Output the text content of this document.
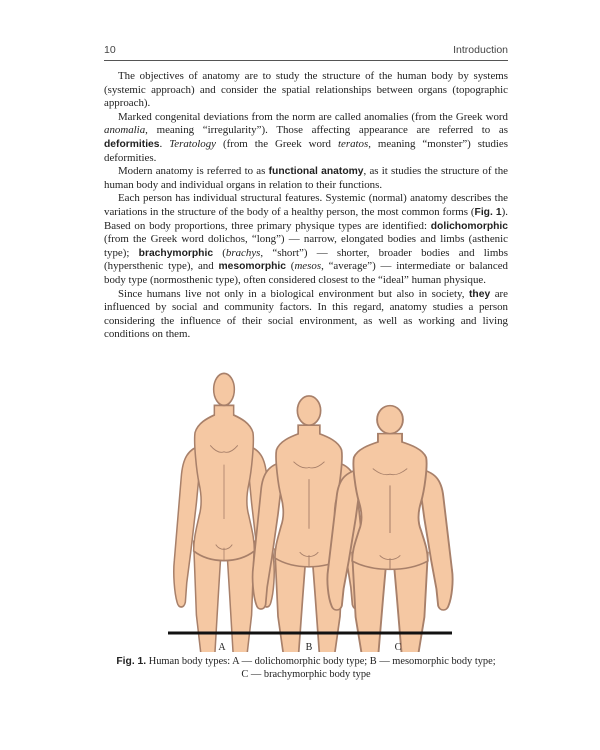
10	Introduction

The objectives of anatomy are to study the structure of the human body by systems (systemic approach) and consider the spatial relationships between organs (topographic approach).

Marked congenital deviations from the norm are called anomalies (from the Greek word anomalia, meaning “irregularity”). Those affecting appearance are referred to as deformities. Teratology (from the Greek word teratos, meaning “monster”) studies deformities.

Modern anatomy is referred to as functional anatomy, as it studies the structure of the human body and individual organs in relation to their functions.

Each person has individual structural features. Systemic (normal) anatomy describes the variations in the structure of the body of a healthy person, the most common forms (Fig. 1). Based on body proportions, three primary physique types are identified: dolichomorphic (from the Greek word dolichos, “long”) — narrow, elongated bodies and limbs (asthenic type); brachymorphic (brachys, “short”) — shorter, broader bodies and limbs (hypersthenic type), and mesomorphic (mesos, “average”) — intermediate or balanced body type (normosthenic type), often considered closest to the “ideal” human physique.

Since humans live not only in a biological environment but also in society, they are influenced by social and community factors. In this regard, anatomy studies a person considering the influence of their social environment, as well as working and living conditions on them.

A	B	C
Fig. 1. Human body types: A — dolichomorphic body type; B — mesomorphic body type;
C — brachymorphic body type
